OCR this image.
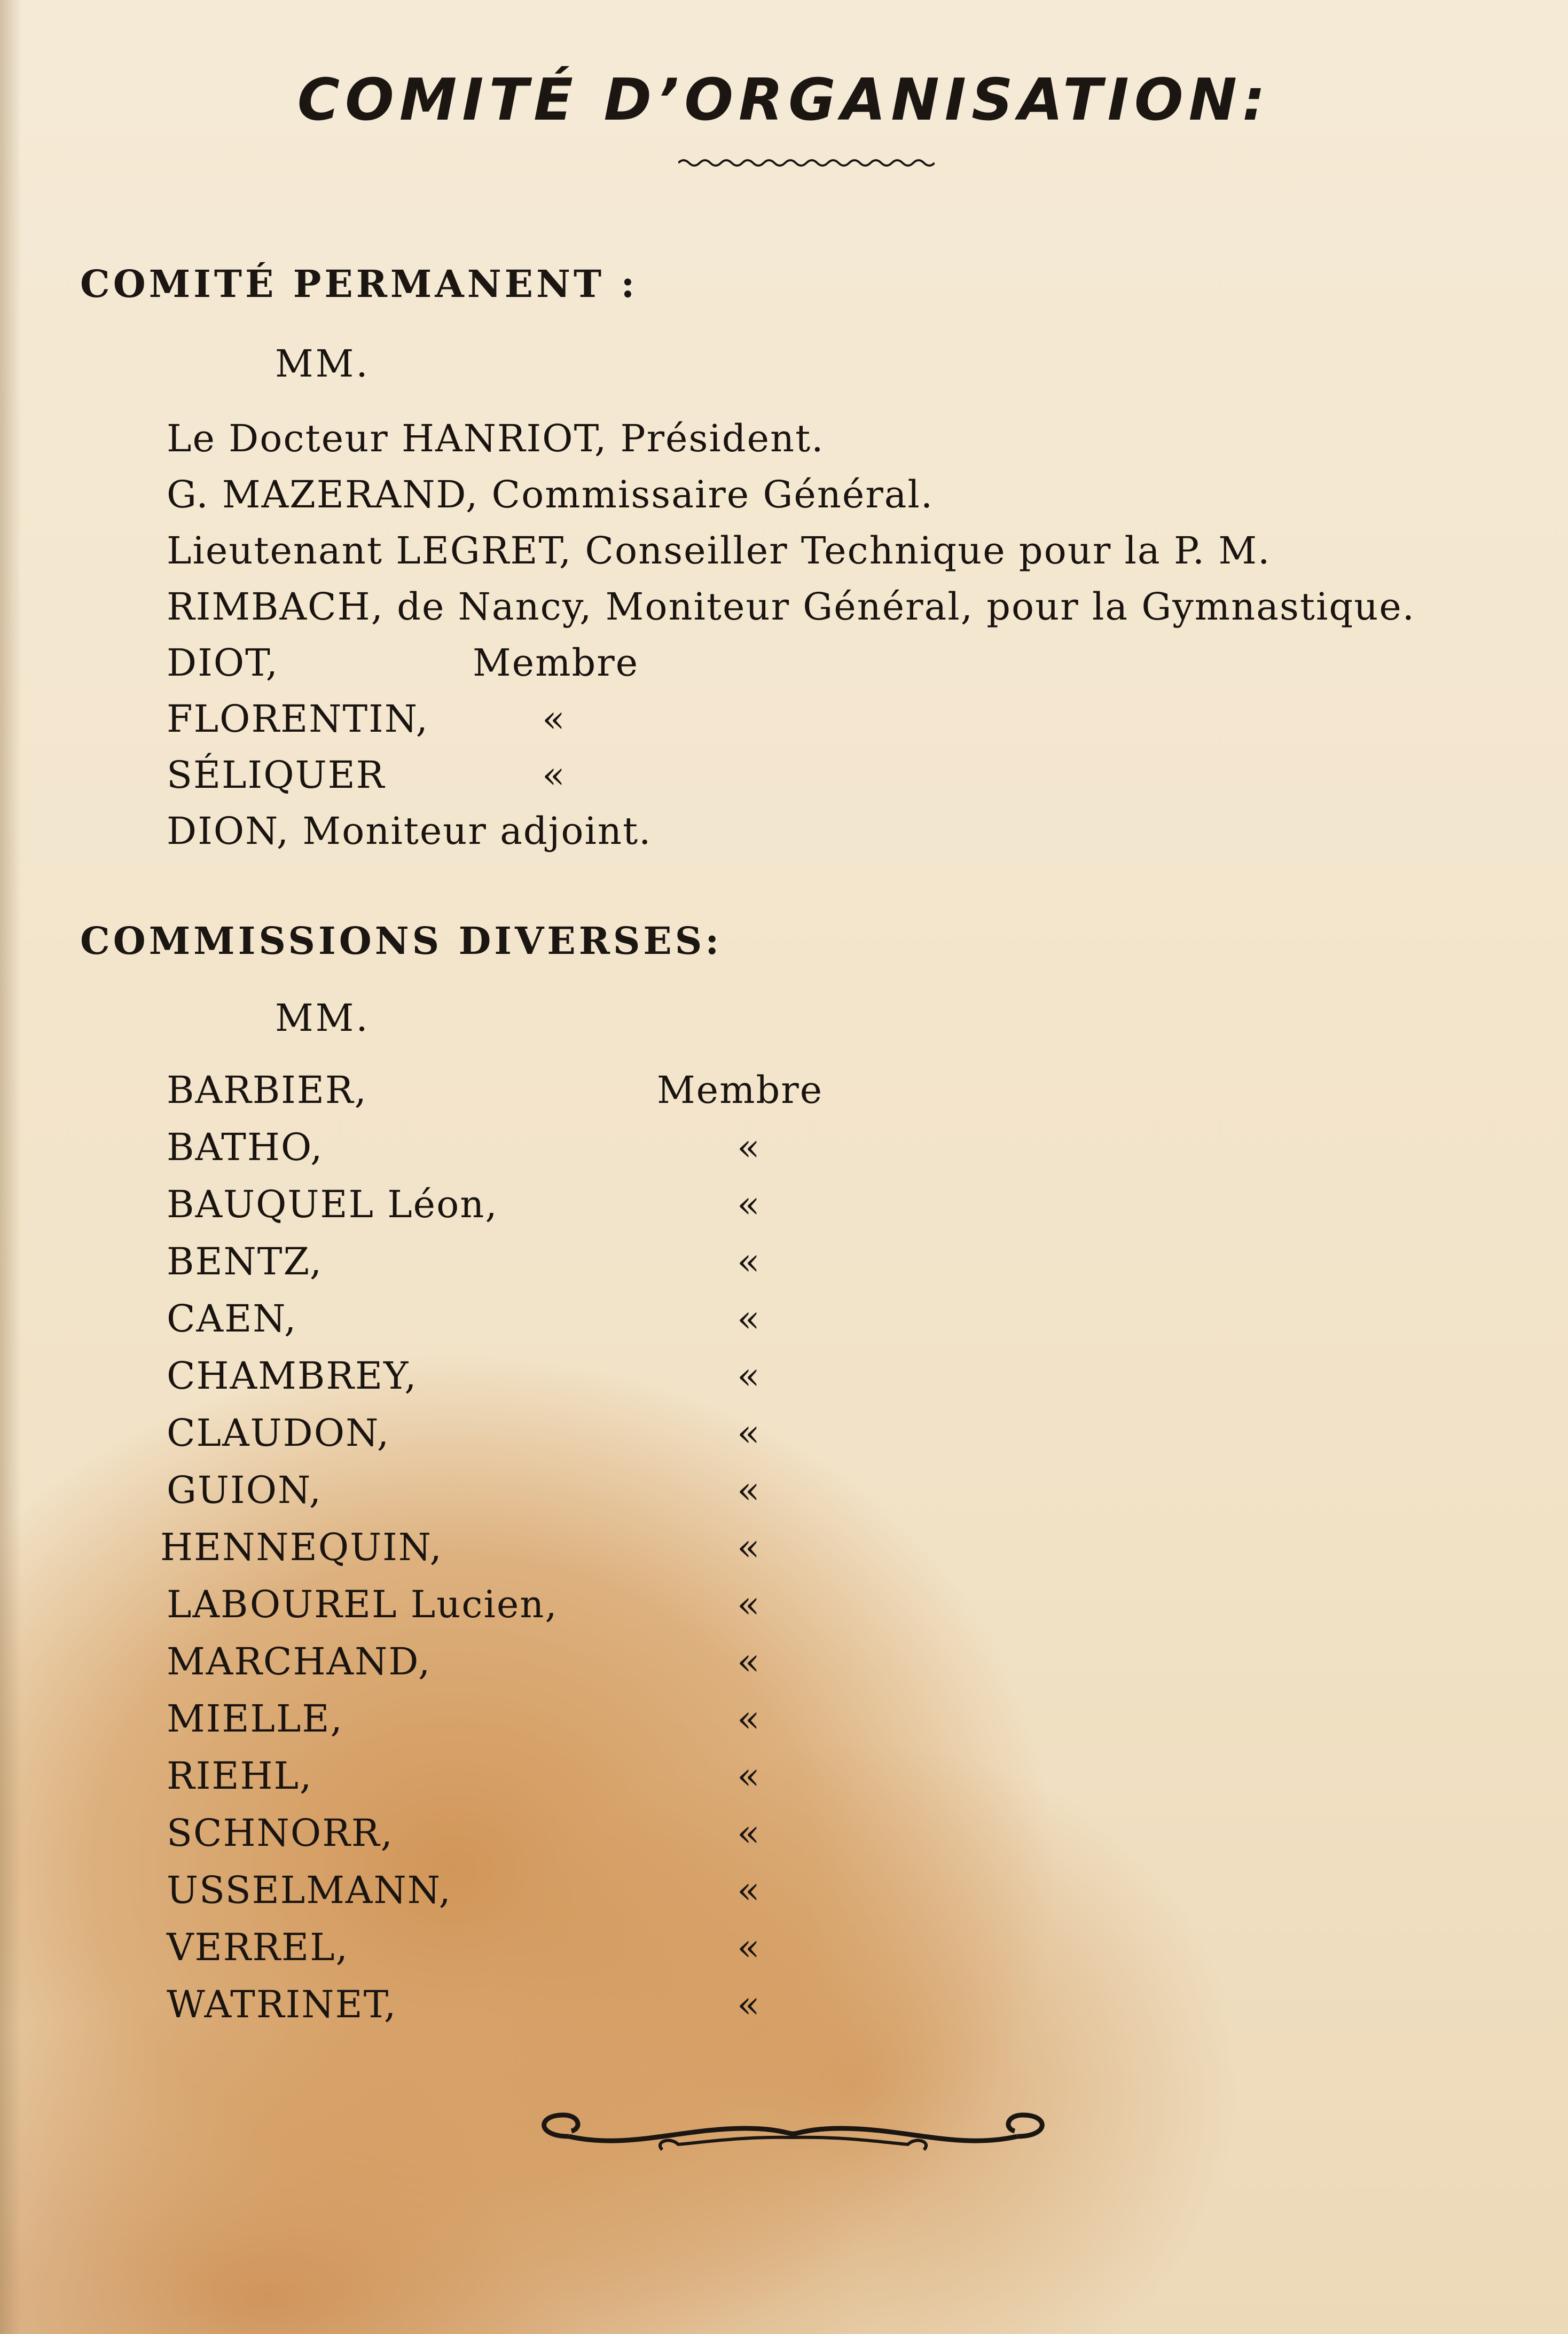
COMITÉ D’ORGANISATION:
COMITÉ PERMANENT :
MM.
Le Docteur HANRIOT, Président.
G. MAZERAND, Commissaire Général.
Lieutenant LEGRET, Conseiller Technique pour la P. M.
RIMBACH, de Nancy, Moniteur Général, pour la Gymnastique.
DIOT,	Membre
FLORENTIN,	«
SÉLIQUER	«
DION, Moniteur adjoint.
COMMISSIONS DIVERSES:
MM.
BARBIER,	Membre
BATHO,	«
BAUQUEL Léon,	«
BENTZ,	«
CAEN,	«
CHAMBREY,	«
CLAUDON,	«
GUION,	«
HENNEQUIN,	«
LABOUREL Lucien,	«
MARCHAND,	«
MIELLE,	«
RIEHL,	«
SCHNORR,	«
USSELMANN,	«
VERREL,	«
WATRINET,	«
